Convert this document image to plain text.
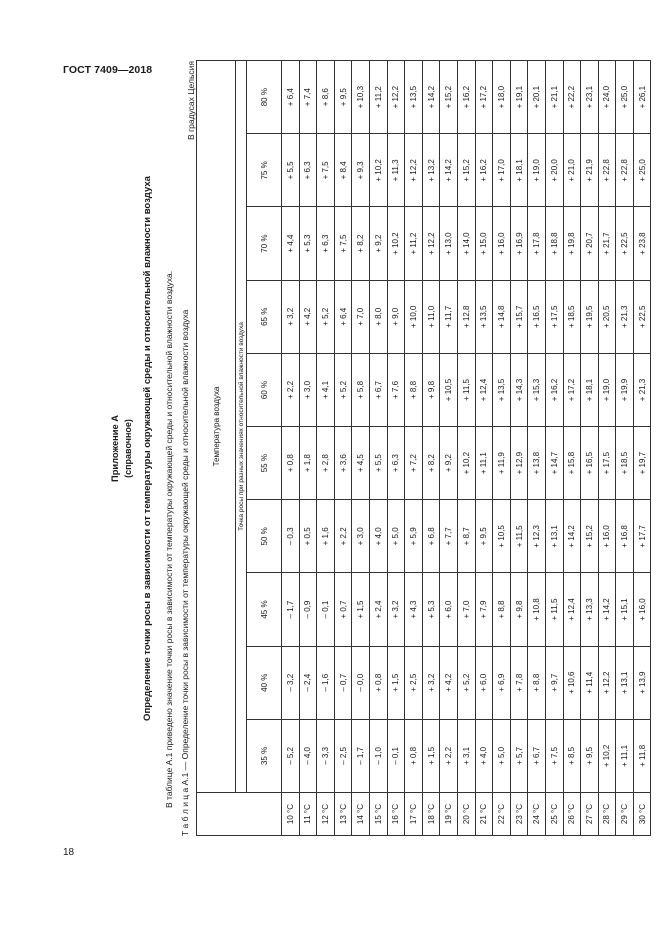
ГОСТ 7409—2018
18
Приложение А (справочное) Определение точки росы в зависимости от температуры окружающей среды и относительной влажности воздуха В таблице А.1 приведено значение точки росы в зависимости от температуры окружающей среды и относительной влажности воздуха. Т а б л и ц а А.1 — Определение точки росы в зависимости от температуры окружающей среды и относительной влажности воздуха
В градусах Цельсия
	Температура воздуха									
	Точка росы при разных значениях относительной влажности воздуха									
	35 %	40 %	45 %	50 %	55 %	60 %	65 %	70 %	75 %	80 %
10 °С	– 5,2	– 3,2	– 1,7	– 0,3	+ 0,8	+ 2,2	+ 3,2	+ 4,4	+ 5,5	+ 6,4
11 °С	– 4,0	– 2,4	– 0,9	+ 0,5	+ 1,8	+ 3,0	+ 4,2	+ 5,3	+ 6,3	+ 7,4
12 °С	– 3,3	– 1,6	– 0,1	+ 1,6	+ 2,8	+ 4,1	+ 5,2	+ 6,3	+ 7,5	+ 8,6
13 °С	– 2,5	– 0,7	+ 0,7	+ 2,2	+ 3,6	+ 5,2	+ 6,4	+ 7,5	+ 8,4	+ 9,5
14 °С	– 1,7	– 0,0	+ 1,5	+ 3,0	+ 4,5	+ 5,8	+ 7,0	+ 8,2	+ 9,3	+ 10,3
15 °С	– 1,0	+ 0,8	+ 2,4	+ 4,0	+ 5,5	+ 6,7	+ 8,0	+ 9,2	+ 10,2	+ 11,2
16 °С	– 0,1	+ 1,5	+ 3,2	+ 5,0	+ 6,3	+ 7,6	+ 9,0	+ 10,2	+ 11,3	+ 12,2
17 °С	+ 0,8	+ 2,5	+ 4,3	+ 5,9	+ 7,2	+ 8,8	+ 10,0	+ 11,2	+ 12,2	+ 13,5
18 °С	+ 1,5	+ 3,2	+ 5,3	+ 6,8	+ 8,2	+ 9,8	+ 11,0	+ 12,2	+ 13,2	+ 14,2
19 °С	+ 2,2	+ 4,2	+ 6,0	+ 7,7	+ 9,2	+ 10,5	+ 11,7	+ 13,0	+ 14,2	+ 15,2
20 °С	+ 3,1	+ 5,2	+ 7,0	+ 8,7	+ 10,2	+ 11,5	+ 12,8	+ 14,0	+ 15,2	+ 16,2
21 °С	+ 4,0	+ 6,0	+ 7,9	+ 9,5	+ 11,1	+ 12,4	+ 13,5	+ 15,0	+ 16,2	+ 17,2
22 °С	+ 5,0	+ 6,9	+ 8,8	+ 10,5	+ 11,9	+ 13,5	+ 14,8	+ 16,0	+ 17,0	+ 18,0
23 °С	+ 5,7	+ 7,8	+ 9,8	+ 11,5	+ 12,9	+ 14,3	+ 15,7	+ 16,9	+ 18,1	+ 19,1
24 °С	+ 6,7	+ 8,8	+ 10,8	+ 12,3	+ 13,8	+ 15,3	+ 16,5	+ 17,8	+ 19,0	+ 20,1
25 °С	+ 7,5	+ 9,7	+ 11,5	+ 13,1	+ 14,7	+ 16,2	+ 17,5	+ 18,8	+ 20,0	+ 21,1
26 °С	+ 8,5	+ 10,6	+ 12,4	+ 14,2	+ 15,8	+ 17,2	+ 18,5	+ 19,8	+ 21,0	+ 22,2
27 °С	+ 9,5	+ 11,4	+ 13,3	+ 15,2	+ 16,5	+ 18,1	+ 19,5	+ 20,7	+ 21,9	+ 23,1
28 °С	+ 10,2	+ 12,2	+ 14,2	+ 16,0	+ 17,5	+ 19,0	+ 20,5	+ 21,7	+ 22,8	+ 24,0
29 °С	+ 11,1	+ 13,1	+ 15,1	+ 16,8	+ 18,5	+ 19,9	+ 21,3	+ 22,5	+ 22,8	+ 25,0
30 °С	+ 11,8	+ 13,9	+ 16,0	+ 17,7	+ 19,7	+ 21,3	+ 22,5	+ 23,8	+ 25,0	+ 26,1
